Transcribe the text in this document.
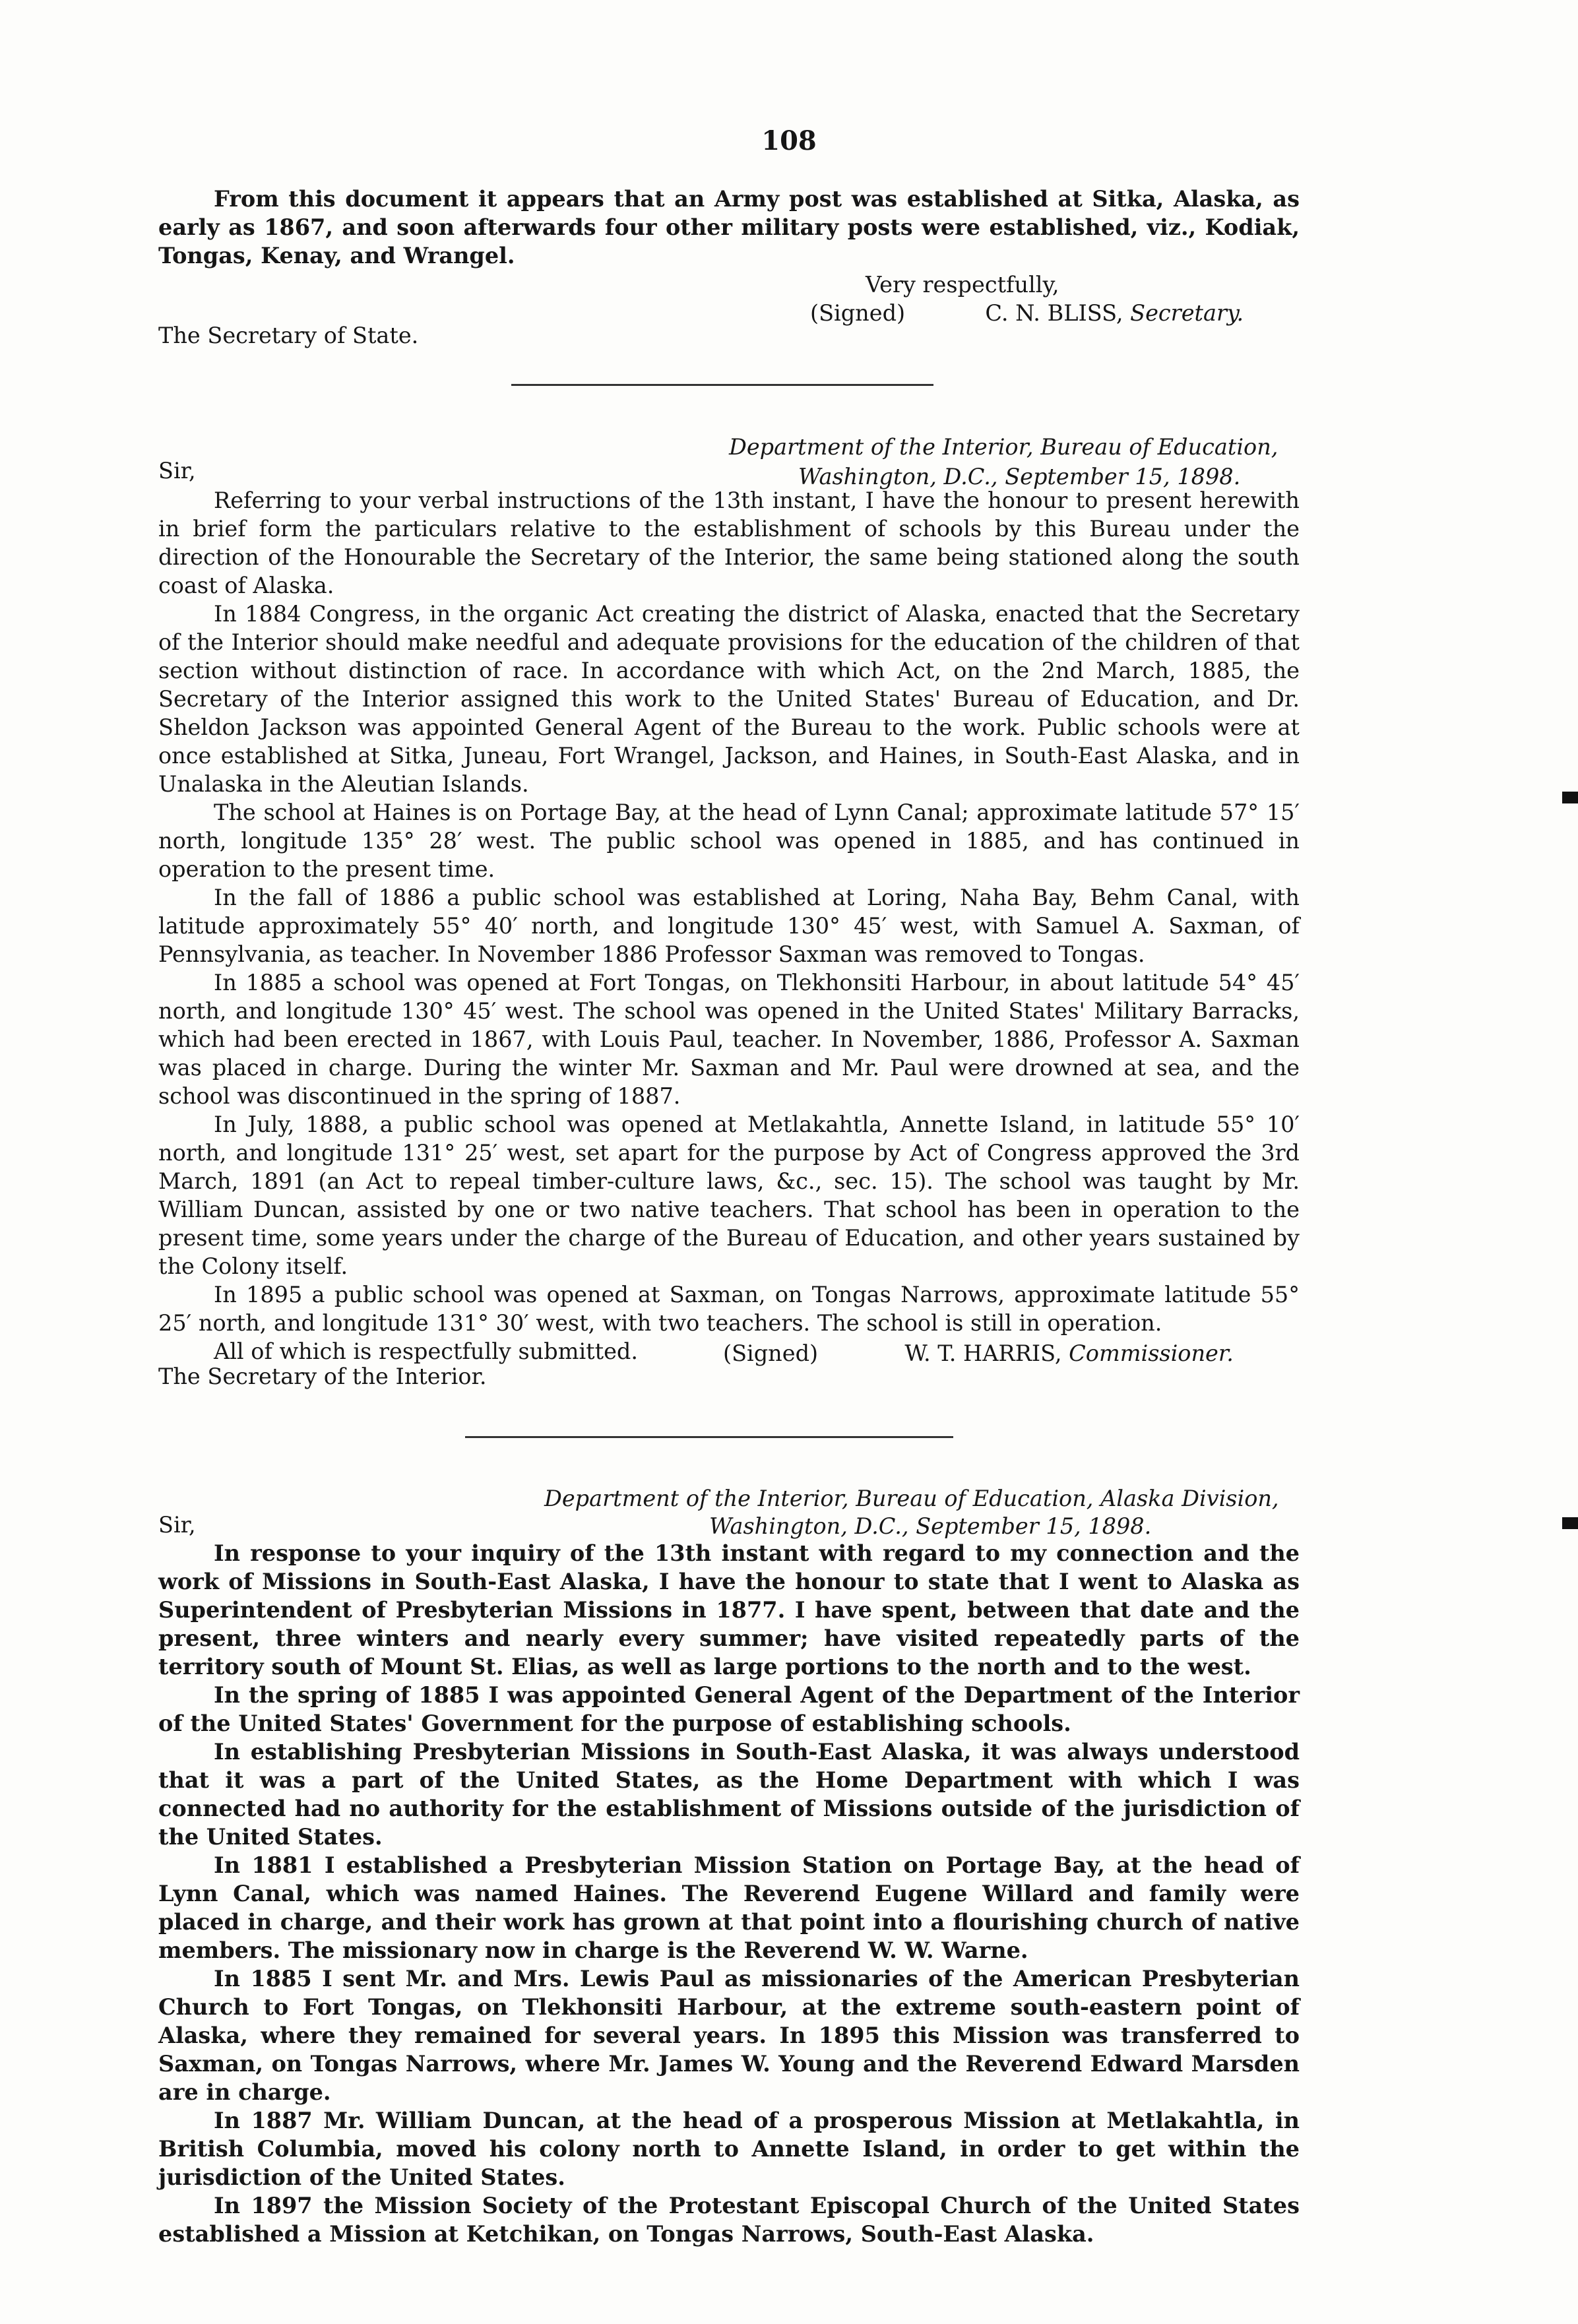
108

From this document it appears that an Army post was established at Sitka, Alaska, as early as 1867, and soon afterwards four other military posts were established, viz., Kodiak, Tongas, Kenay, and Wrangel.

Very respectfully,
(Signed)	C. N. BLISS, Secretary.
The Secretary of State.
Department of the Interior, Bureau of Education,
Sir,	Washington, D.C., September 15, 1898.

Referring to your verbal instructions of the 13th instant, I have the honour to present herewith in brief form the particulars relative to the establishment of schools by this Bureau under the direction of the Honourable the Secretary of the Interior, the same being stationed along the south coast of Alaska.

In 1884 Congress, in the organic Act creating the district of Alaska, enacted that the Secretary of the Interior should make needful and adequate provisions for the education of the children of that section without distinction of race. In accordance with which Act, on the 2nd March, 1885, the Secretary of the Interior assigned this work to the United States' Bureau of Education, and Dr. Sheldon Jackson was appointed General Agent of the Bureau to the work. Public schools were at once established at Sitka, Juneau, Fort Wrangel, Jackson, and Haines, in South-East Alaska, and in Unalaska in the Aleutian Islands.

The school at Haines is on Portage Bay, at the head of Lynn Canal; approximate latitude 57° 15′ north, longitude 135° 28′ west. The public school was opened in 1885, and has continued in operation to the present time.

In the fall of 1886 a public school was established at Loring, Naha Bay, Behm Canal, with latitude approximately 55° 40′ north, and longitude 130° 45′ west, with Samuel A. Saxman, of Pennsylvania, as teacher. In November 1886 Professor Saxman was removed to Tongas.

In 1885 a school was opened at Fort Tongas, on Tlekhonsiti Harbour, in about latitude 54° 45′ north, and longitude 130° 45′ west. The school was opened in the United States' Military Barracks, which had been erected in 1867, with Louis Paul, teacher. In November, 1886, Professor A. Saxman was placed in charge. During the winter Mr. Saxman and Mr. Paul were drowned at sea, and the school was discontinued in the spring of 1887.

In July, 1888, a public school was opened at Metlakahtla, Annette Island, in latitude 55° 10′ north, and longitude 131° 25′ west, set apart for the purpose by Act of Congress approved the 3rd March, 1891 (an Act to repeal timber-culture laws, &c., sec. 15). The school was taught by Mr. William Duncan, assisted by one or two native teachers. That school has been in operation to the present time, some years under the charge of the Bureau of Education, and other years sustained by the Colony itself.

In 1895 a public school was opened at Saxman, on Tongas Narrows, approximate latitude 55° 25′ north, and longitude 131° 30′ west, with two teachers. The school is still in operation.

All of which is respectfully submitted.	(Signed)	W. T. HARRIS, Commissioner.
The Secretary of the Interior.
Department of the Interior, Bureau of Education, Alaska Division,
Sir,	Washington, D.C., September 15, 1898.

In response to your inquiry of the 13th instant with regard to my connection and the work of Missions in South-East Alaska, I have the honour to state that I went to Alaska as Superintendent of Presbyterian Missions in 1877. I have spent, between that date and the present, three winters and nearly every summer; have visited repeatedly parts of the territory south of Mount St. Elias, as well as large portions to the north and to the west.

In the spring of 1885 I was appointed General Agent of the Department of the Interior of the United States' Government for the purpose of establishing schools.

In establishing Presbyterian Missions in South-East Alaska, it was always understood that it was a part of the United States, as the Home Department with which I was connected had no authority for the establishment of Missions outside of the jurisdiction of the United States.

In 1881 I established a Presbyterian Mission Station on Portage Bay, at the head of Lynn Canal, which was named Haines. The Reverend Eugene Willard and family were placed in charge, and their work has grown at that point into a flourishing church of native members. The missionary now in charge is the Reverend W. W. Warne.

In 1885 I sent Mr. and Mrs. Lewis Paul as missionaries of the American Presbyterian Church to Fort Tongas, on Tlekhonsiti Harbour, at the extreme south-eastern point of Alaska, where they remained for several years. In 1895 this Mission was transferred to Saxman, on Tongas Narrows, where Mr. James W. Young and the Reverend Edward Marsden are in charge.

In 1887 Mr. William Duncan, at the head of a prosperous Mission at Metlakahtla, in British Columbia, moved his colony north to Annette Island, in order to get within the jurisdiction of the United States.

In 1897 the Mission Society of the Protestant Episcopal Church of the United States established a Mission at Ketchikan, on Tongas Narrows, South-East Alaska.
